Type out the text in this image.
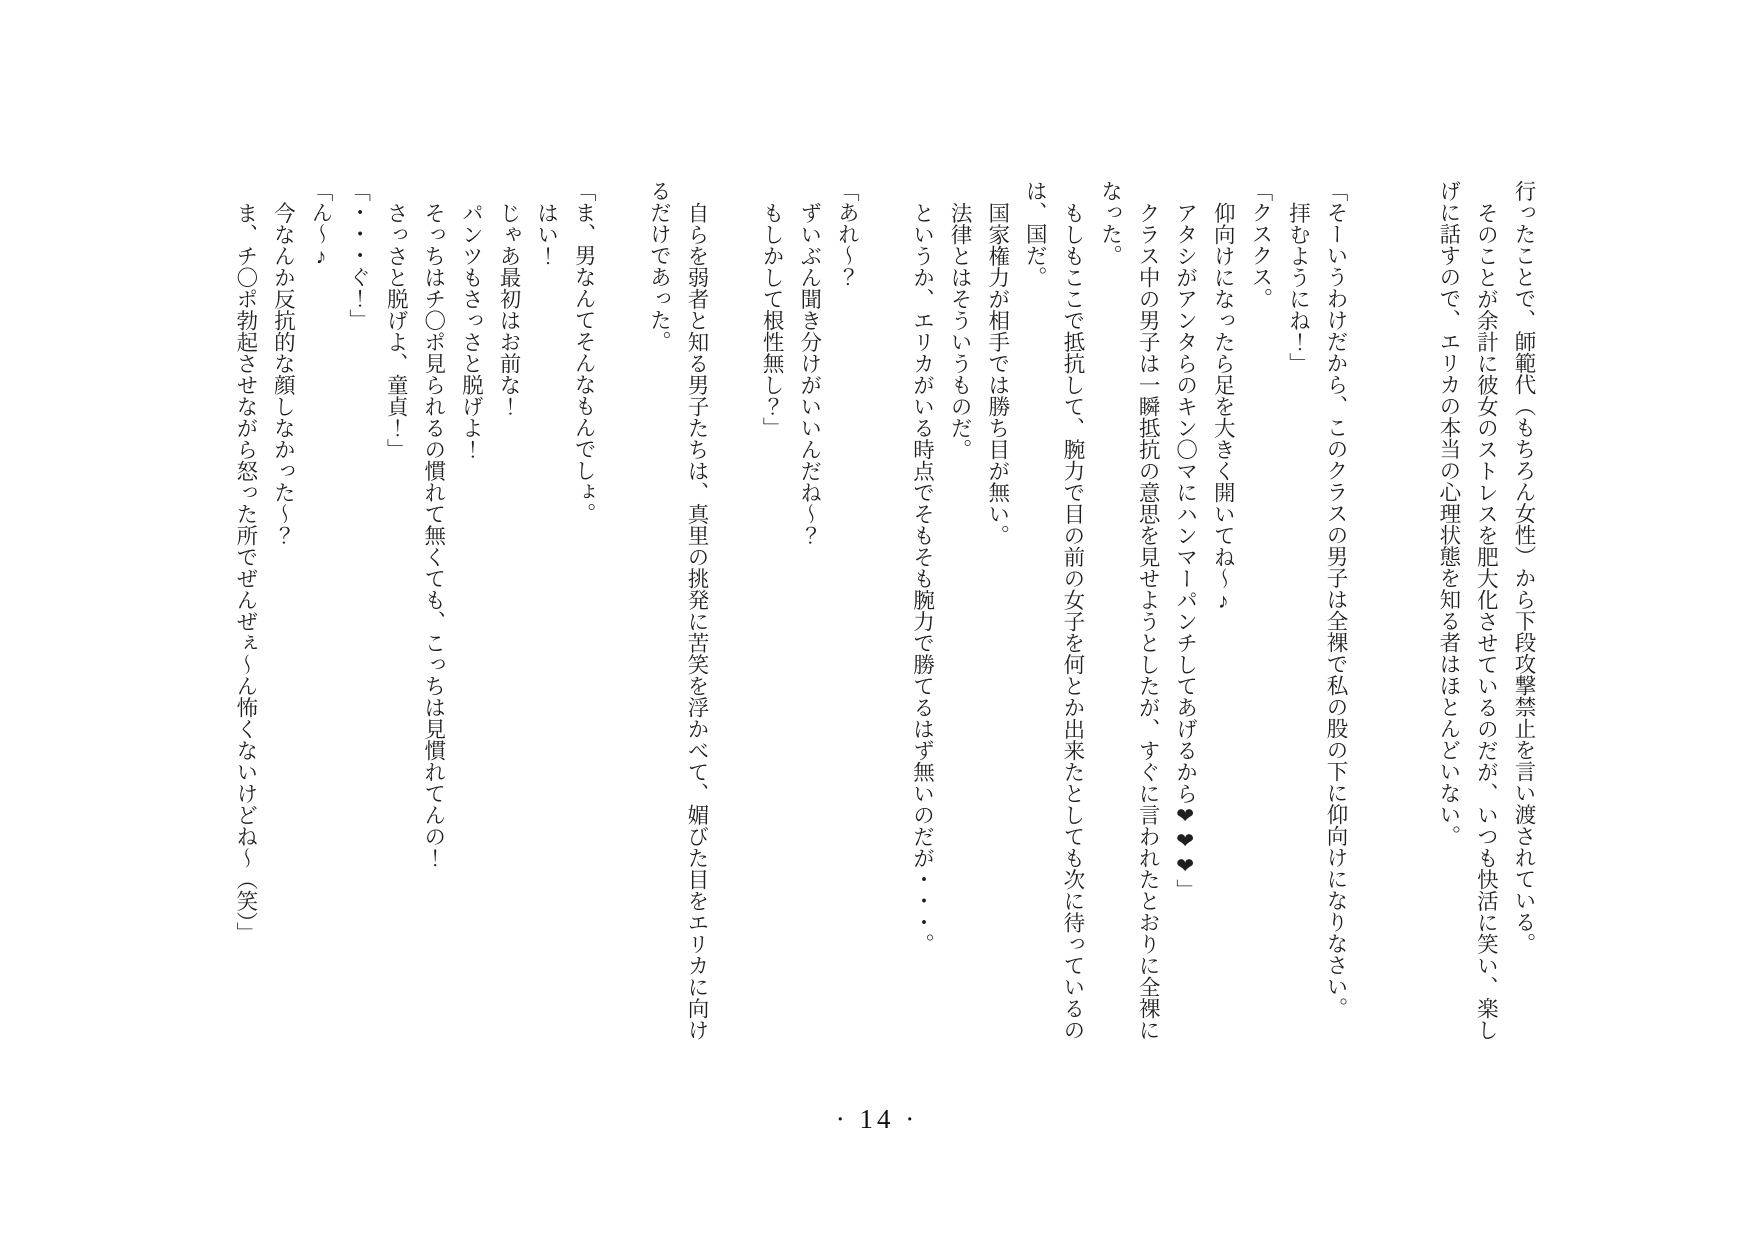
行ったことで、師範代（もちろん女性）から下段攻撃禁止を言い渡されている。

そのことが余計に彼女のストレスを肥大化させているのだが、いつも快活に笑い、楽し

げに話すので、エリカの本当の心理状態を知る者はほとんどいない。

「そーいうわけだから、このクラスの男子は全裸で私の股の下に仰向けになりなさい。

拝むようにね！」

「クスクス。

仰向けになったら足を大きく開いてね～♪

アタシがアンタらのキン〇マにハンマーパンチしてあげるから❤❤❤」

クラス中の男子は一瞬抵抗の意思を見せようとしたが、すぐに言われたとおりに全裸に

なった。

もしもここで抵抗して、腕力で目の前の女子を何とか出来たとしても次に待っているの

は、国だ。

国家権力が相手では勝ち目が無い。

法律とはそういうものだ。

というか、エリカがいる時点でそもそも腕力で勝てるはず無いのだが・・・。

「あれ～？

ずいぶん聞き分けがいいんだね～？

もしかして根性無し？」

自らを弱者と知る男子たちは、真里の挑発に苦笑を浮かべて、媚びた目をエリカに向け

るだけであった。

「ま、男なんてそんなもんでしょ。

はい！

じゃあ最初はお前な！

パンツもさっさと脱げよ！

そっちはチ〇ポ見られるの慣れて無くても、こっちは見慣れてんの！

さっさと脱げよ、童貞！」

「・・・ぐ！」

「ん～♪

今なんか反抗的な顔しなかった～？

ま、チ〇ポ勃起させながら怒った所でぜんぜぇ～ん怖くないけどね～（笑）」

· 14 ·
